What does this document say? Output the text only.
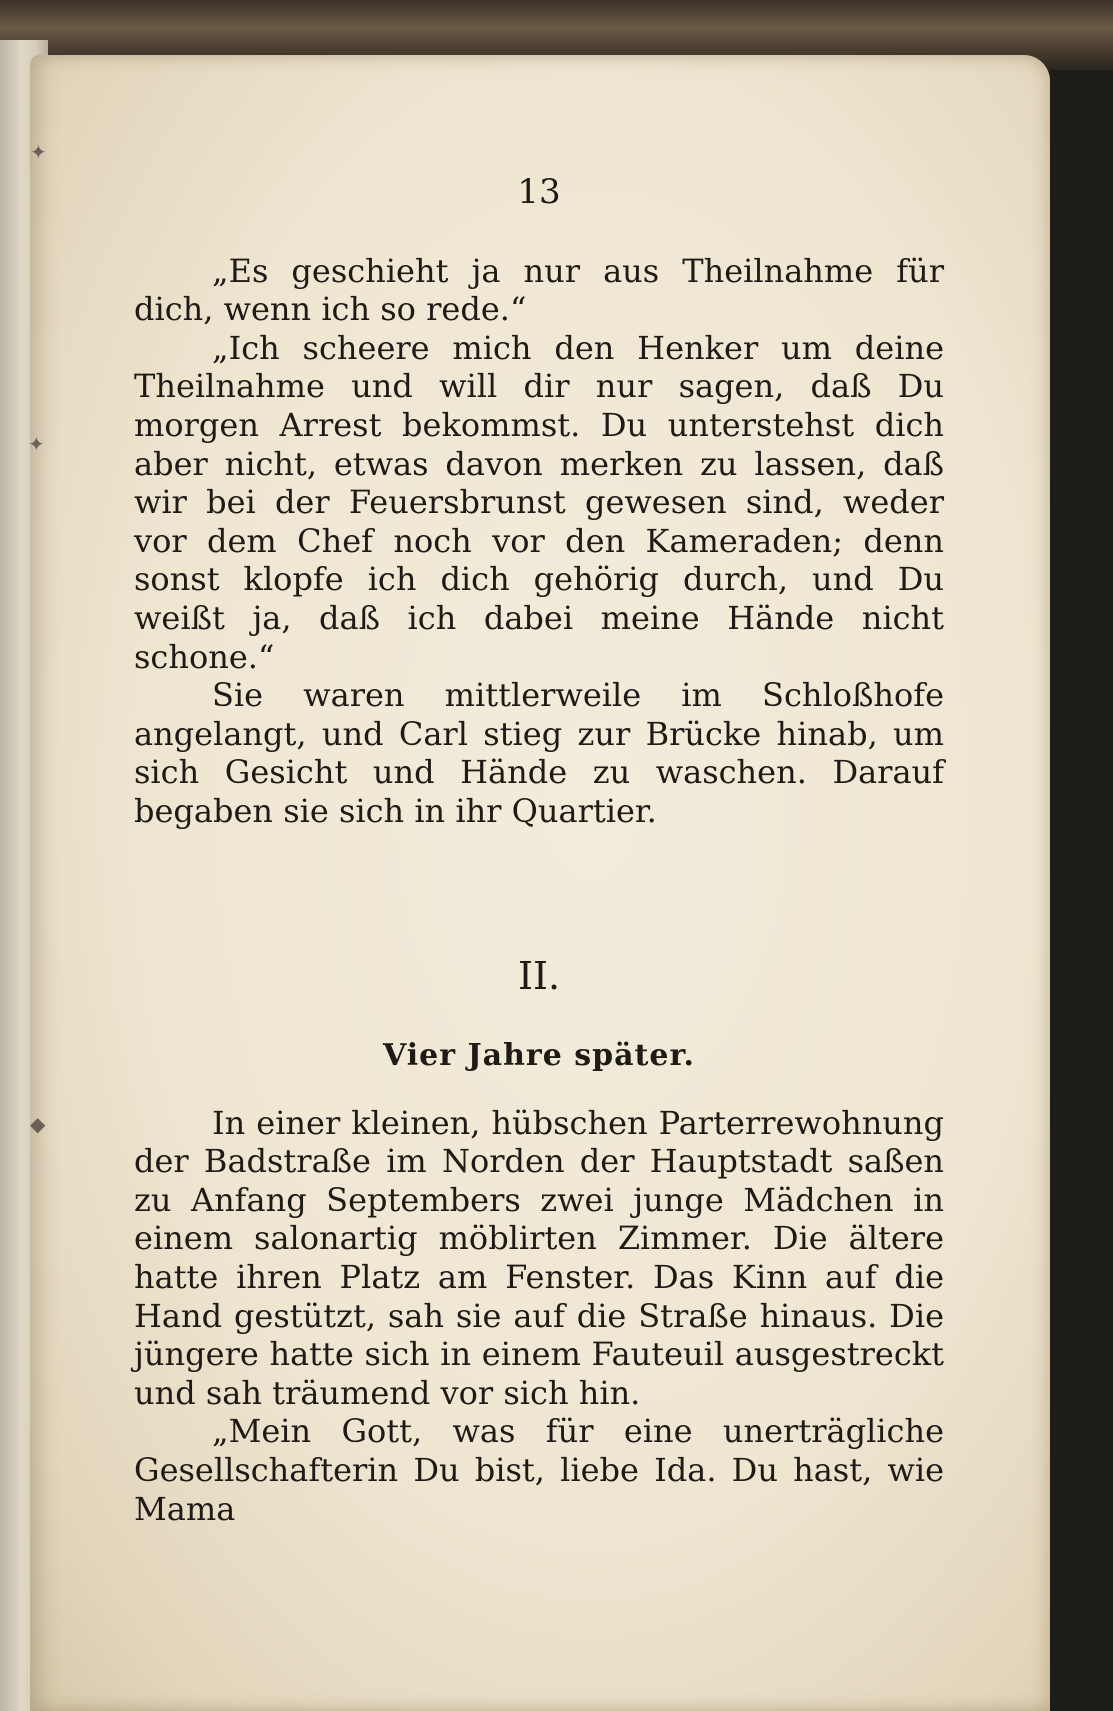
13

„Es geschieht ja nur aus Theilnahme für dich, wenn ich so rede.“

„Ich scheere mich den Henker um deine Theilnahme und will dir nur sagen, daß Du morgen Arrest bekommst. Du unterstehst dich aber nicht, etwas davon merken zu lassen, daß wir bei der Feuersbrunst gewesen sind, weder vor dem Chef noch vor den Kameraden; denn sonst klopfe ich dich gehörig durch, und Du weißt ja, daß ich dabei meine Hände nicht schone.“

Sie waren mittlerweile im Schloßhofe angelangt, und Carl stieg zur Brücke hinab, um sich Gesicht und Hände zu waschen. Darauf begaben sie sich in ihr Quartier.

II.
Vier Jahre später.

In einer kleinen, hübschen Parterrewohnung der Badstraße im Norden der Hauptstadt saßen zu Anfang Septembers zwei junge Mädchen in einem salonartig möblirten Zimmer. Die ältere hatte ihren Platz am Fenster. Das Kinn auf die Hand gestützt, sah sie auf die Straße hinaus. Die jüngere hatte sich in einem Fauteuil ausgestreckt und sah träumend vor sich hin.

„Mein Gott, was für eine unerträgliche Gesellschafterin Du bist, liebe Ida. Du hast, wie Mama

✦
✦
◆
